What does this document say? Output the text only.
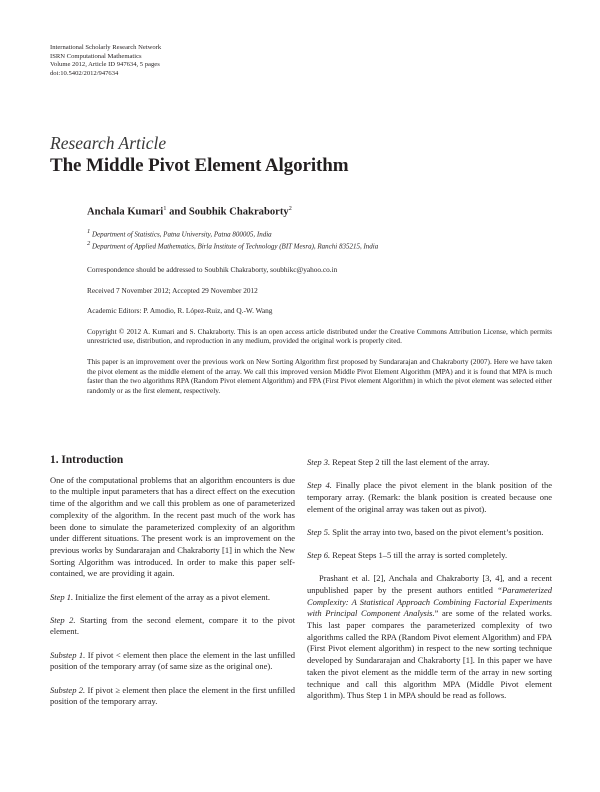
International Scholarly Research Network
ISRN Computational Mathematics
Volume 2012, Article ID 947634, 5 pages
doi:10.5402/2012/947634
Research Article
The Middle Pivot Element Algorithm
Anchala Kumari$^1$ and Soubhik Chakraborty$^2$
$^1$ Department of Statistics, Patna University, Patna 800005, India
$^2$ Department of Applied Mathematics, Birla Institute of Technology (BIT Mesra), Ranchi 835215, India
Correspondence should be addressed to Soubhik Chakraborty, soubhikc@yahoo.co.in
Received 7 November 2012; Accepted 29 November 2012
Academic Editors: P. Amodio, R. López-Ruiz, and Q.-W. Wang
Copyright © 2012 A. Kumari and S. Chakraborty. This is an open access article distributed under the Creative Commons Attribution License, which permits unrestricted use, distribution, and reproduction in any medium, provided the original work is properly cited.
This paper is an improvement over the previous work on New Sorting Algorithm first proposed by Sundararajan and Chakraborty (2007). Here we have taken the pivot element as the middle element of the array. We call this improved version Middle Pivot Element Algorithm (MPA) and it is found that MPA is much faster than the two algorithms RPA (Random Pivot element Algorithm) and FPA (First Pivot element Algorithm) in which the pivot element was selected either randomly or as the first element, respectively.
1. Introduction

One of the computational problems that an algorithm encounters is due to the multiple input parameters that has a direct effect on the execution time of the algorithm and we call this problem as one of parameterized complexity of the algorithm. In the recent past much of the work has been done to simulate the parameterized complexity of an algorithm under different situations. The present work is an improvement on the previous works by Sundararajan and Chakraborty [1] in which the New Sorting Algorithm was introduced. In order to make this paper self-contained, we are providing it again.

Step 1. Initialize the first element of the array as a pivot element.

Step 2. Starting from the second element, compare it to the pivot element.

Substep 1. If pivot < element then place the element in the last unfilled position of the temporary array (of same size as the original one).

Substep 2. If pivot ≥ element then place the element in the first unfilled position of the temporary array.

Step 3. Repeat Step 2 till the last element of the array.

Step 4. Finally place the pivot element in the blank position of the temporary array. (Remark: the blank position is created because one element of the original array was taken out as pivot).

Step 5. Split the array into two, based on the pivot element’s position.

Step 6. Repeat Steps 1–5 till the array is sorted completely.

Prashant et al. [2], Anchala and Chakraborty [3, 4], and a recent unpublished paper by the present authors entitled “Parameterized Complexity: A Statistical Approach Combining Factorial Experiments with Principal Component Analysis.” are some of the related works. This last paper compares the parameterized complexity of two algorithms called the RPA (Random Pivot element Algorithm) and FPA (First Pivot element algorithm) in respect to the new sorting technique developed by Sundararajan and Chakraborty [1]. In this paper we have taken the pivot element as the middle term of the array in new sorting technique and call this algorithm MPA (Middle Pivot element algorithm). Thus Step 1 in MPA should be read as follows.
